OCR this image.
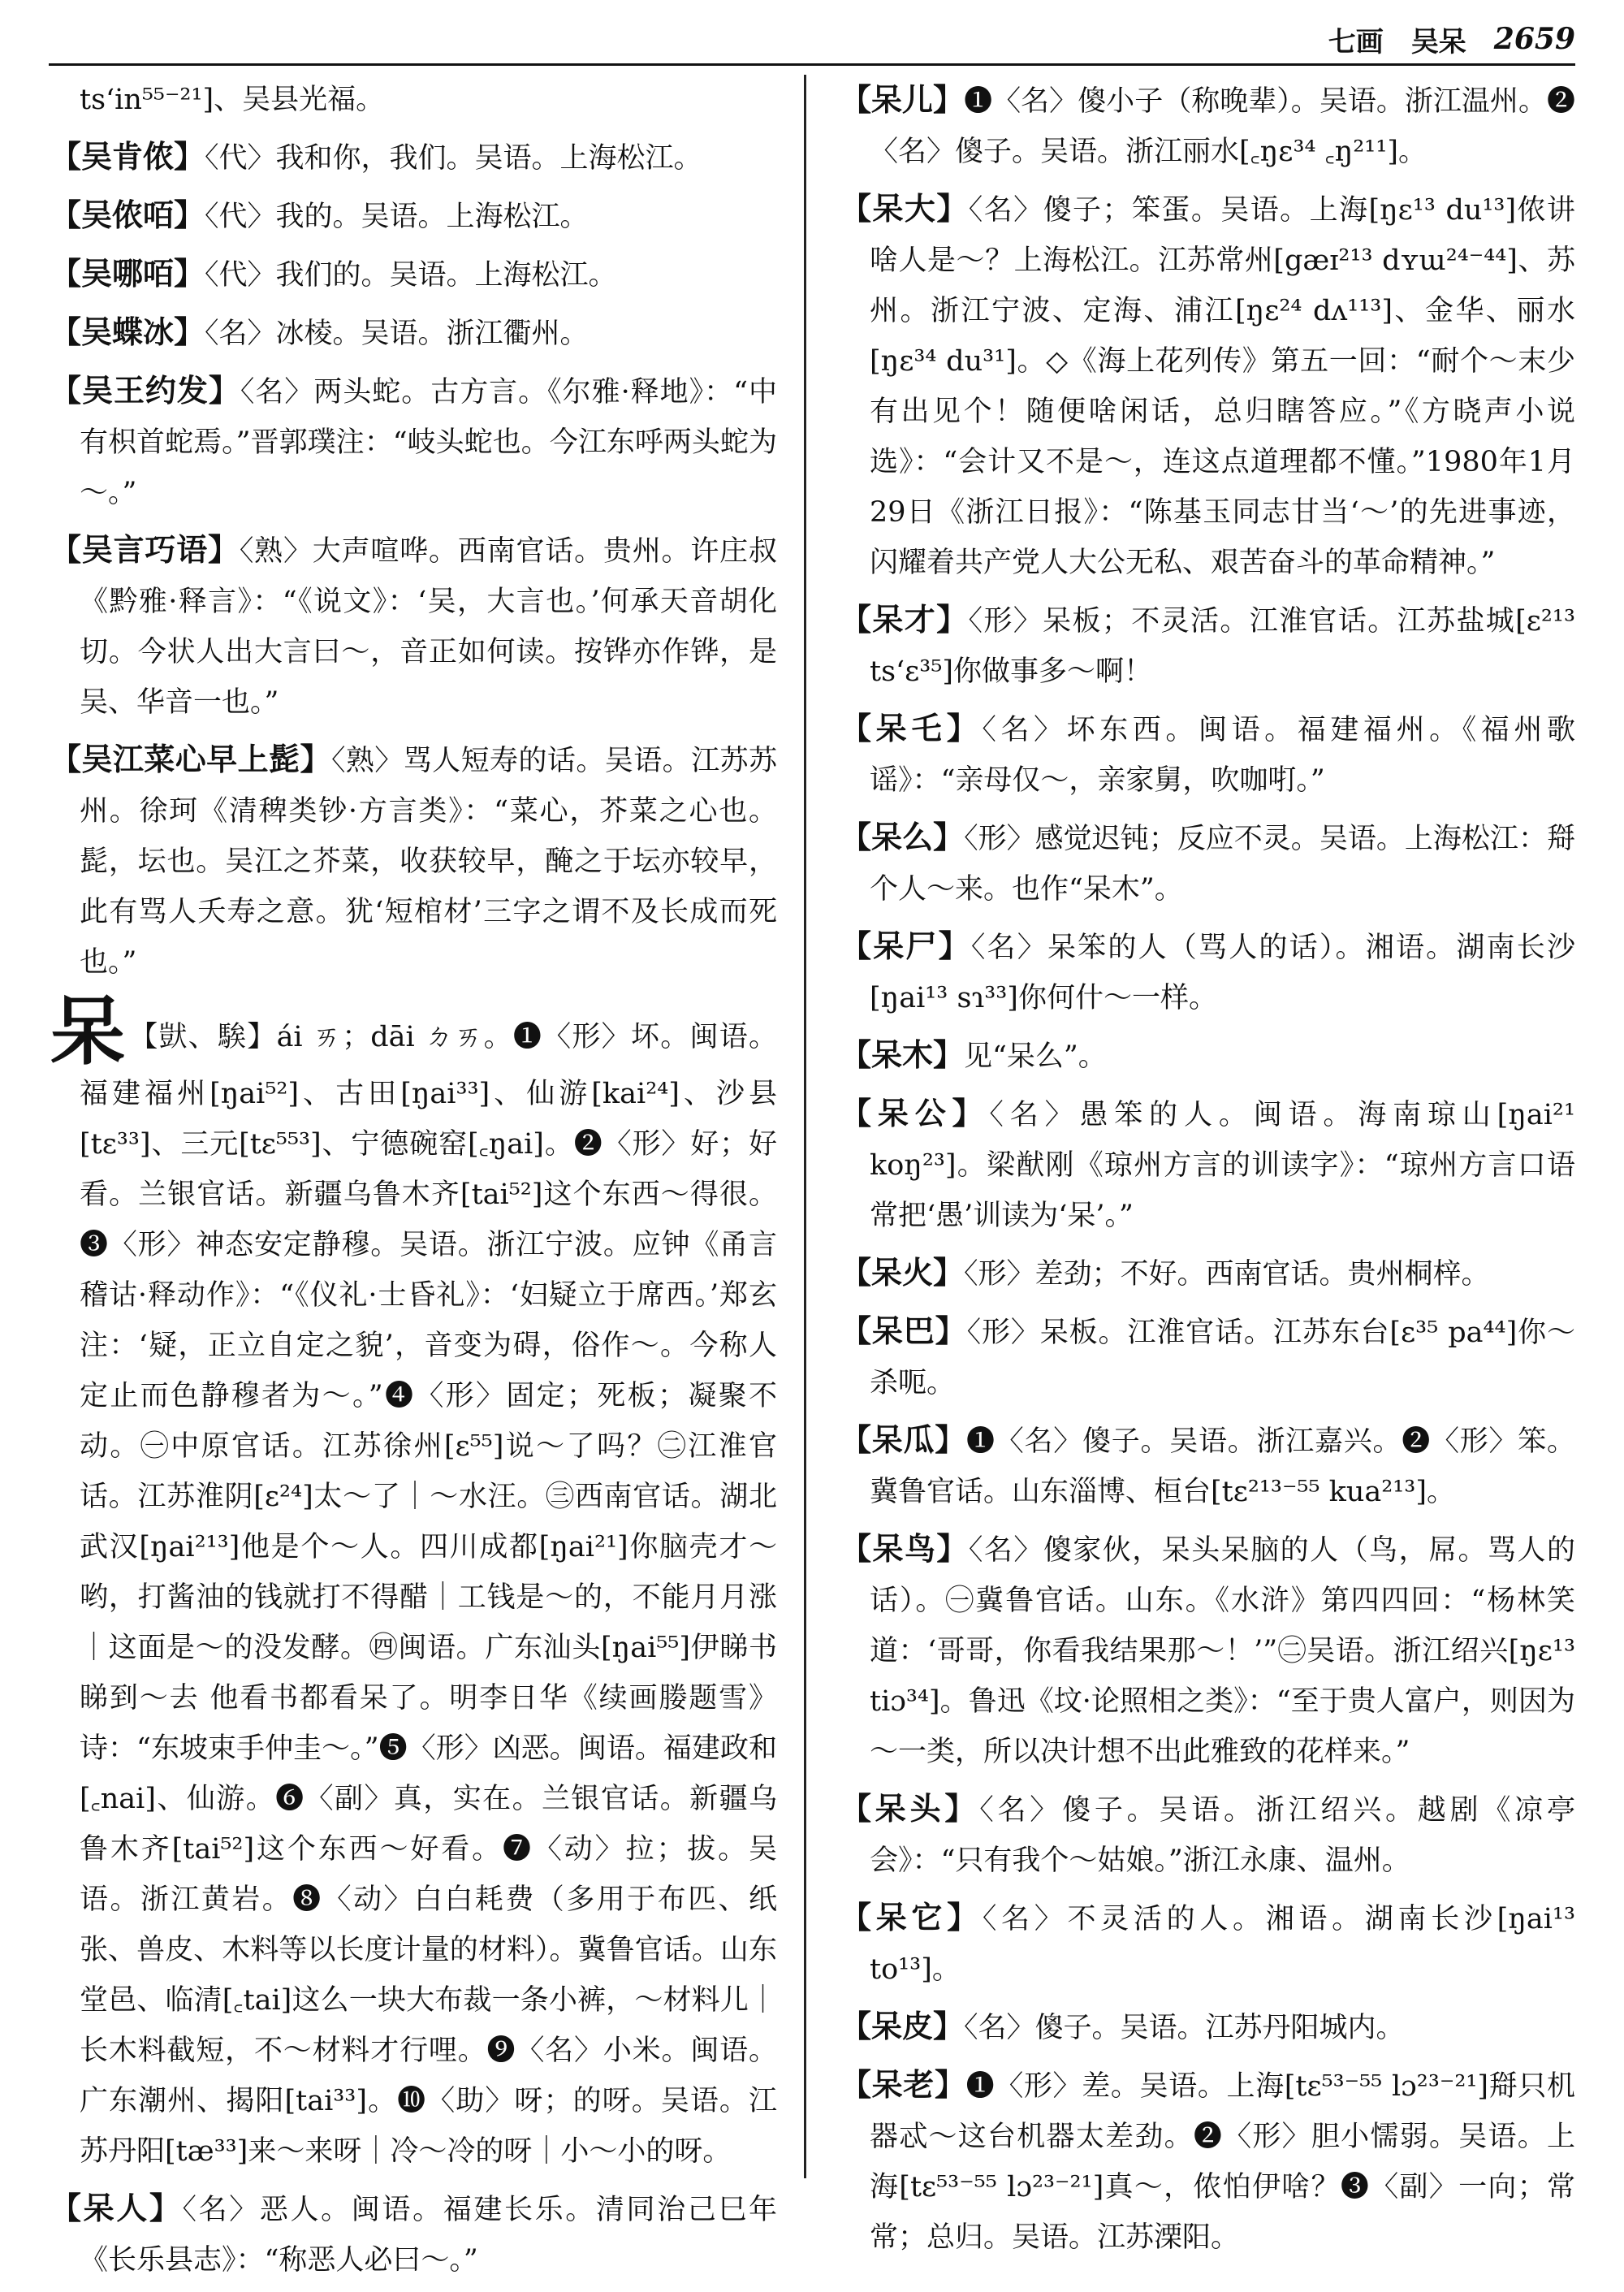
七画 吴呆 2659
ts‘in⁵⁵⁻²¹]、吴县光福。
【吴肯侬】〈代〉我和你，我们。吴语。上海松江。
【吴侬咟】〈代〉我的。吴语。上海松江。
【吴哪咟】〈代〉我们的。吴语。上海松江。
【吴蝶冰】〈名〉冰棱。吴语。浙江衢州。
【吴王约发】〈名〉两头蛇。古方言。《尔雅·释地》：“中有枳首蛇焉。”晋郭璞注：“岐头蛇也。今江东呼两头蛇为～。”
【吴言巧语】〈熟〉大声喧哗。西南官话。贵州。许庄叔《黔雅·释言》：“《说文》：‘吴，大言也。’何承天音胡化切。今状人出大言曰～，音正如何读。按铧亦作铧，是吴、华音一也。”
【吴江菜心早上髭】〈熟〉骂人短寿的话。吴语。江苏苏州。徐珂《清稗类钞·方言类》：“菜心，芥菜之心也。髭，坛也。吴江之芥菜，收获较早，醃之于坛亦较早，此有骂人夭寿之意。犹‘短棺材’三字之谓不及长成而死也。”
呆 【獃、騃】ái ㄞ；dāi ㄉㄞ。❶〈形〉坏。闽语。福建福州[ŋai⁵²]、古田[ŋai³³]、仙游[kai²⁴]、沙县[tɛ³³]、三元[tɛ⁵⁵³]、宁德碗窑[꜀ŋai]。❷〈形〉好；好看。兰银官话。新疆乌鲁木齐[tai⁵²]这个东西～得很。❸〈形〉神态安定静穆。吴语。浙江宁波。应钟《甬言稽诂·释动作》：“《仪礼·士昏礼》：‘妇疑立于席西。’郑玄注：‘疑，正立自定之貌’，音变为碍，俗作～。今称人定止而色静穆者为～。”❹〈形〉固定；死板；凝聚不动。㊀中原官话。江苏徐州[ɛ⁵⁵]说～了吗？㊁江淮官话。江苏淮阴[ɛ²⁴]太～了｜～水汪。㊂西南官话。湖北武汉[ŋai²¹³]他是个～人。四川成都[ŋai²¹]你脑壳才～哟，打酱油的钱就打不得醋｜工钱是～的，不能月月涨｜这面是～的没发酵。㊃闽语。广东汕头[ŋai⁵⁵]伊睇书睇到～去 他看书都看呆了。明李日华《续画媵题雪》诗：“东坡束手仲圭～。”❺〈形〉凶恶。闽语。福建政和[꜀nai]、仙游。❻〈副〉真，实在。兰银官话。新疆乌鲁木齐[tai⁵²]这个东西～好看。❼〈动〉拉；拔。吴语。浙江黄岩。❽〈动〉白白耗费（多用于布匹、纸张、兽皮、木料等以长度计量的材料）。冀鲁官话。山东堂邑、临清[꜀tai]这么一块大布裁一条小裤，～材料儿｜长木料截短，不～材料才行哩。❾〈名〉小米。闽语。广东潮州、揭阳[tai³³]。❿〈助〉呀；的呀。吴语。江苏丹阳[tæ³³]来～来呀｜冷～冷的呀｜小～小的呀。
【呆人】〈名〉恶人。闽语。福建长乐。清同治己巳年《长乐县志》：“称恶人必曰～。”
【呆儿】❶〈名〉傻小子（称晚辈）。吴语。浙江温州。❷〈名〉傻子。吴语。浙江丽水[꜀ŋɛ³⁴ ꜀ŋ²¹¹]。
【呆大】〈名〉傻子；笨蛋。吴语。上海[ŋɛ¹³ du¹³]侬讲啥人是～？上海松江。江苏常州[gæɪ²¹³ dʏɯ²⁴⁻⁴⁴]、苏州。浙江宁波、定海、浦江[ŋɛ²⁴ dʌ¹¹³]、金华、丽水[ŋɛ³⁴ du³¹]。◇《海上花列传》第五一回：“耐个～末少有出见个！随便啥闲话，总归瞎答应。”《方晓声小说选》：“会计又不是～，连这点道理都不懂。”1980年1月29日《浙江日报》：“陈基玉同志甘当‘～’的先进事迹，闪耀着共产党人大公无私、艰苦奋斗的革命精神。”
【呆才】〈形〉呆板；不灵活。江淮官话。江苏盐城[ɛ²¹³ ts‘ɛ³⁵]你做事多～啊！
【呆乇】〈名〉坏东西。闽语。福建福州。《福州歌谣》：“亲母仅～，亲家舅，吹咖咑。”
【呆么】〈形〉感觉迟钝；反应不灵。吴语。上海松江：搿个人～来。也作“呆木”。
【呆尸】〈名〉呆笨的人（骂人的话）。湘语。湖南长沙[ŋai¹³ sɿ³³]你何什～一样。
【呆木】见“呆么”。
【呆公】〈名〉愚笨的人。闽语。海南琼山[ŋai²¹ koŋ²³]。梁猷刚《琼州方言的训读字》：“琼州方言口语常把‘愚’训读为‘呆’。”
【呆火】〈形〉差劲；不好。西南官话。贵州桐梓。
【呆巴】〈形〉呆板。江淮官话。江苏东台[ɛ³⁵ pa⁴⁴]你～杀呃。
【呆瓜】❶〈名〉傻子。吴语。浙江嘉兴。❷〈形〉笨。冀鲁官话。山东淄博、桓台[tɛ²¹³⁻⁵⁵ kua²¹³]。
【呆鸟】〈名〉傻家伙，呆头呆脑的人（鸟，屌。骂人的话）。㊀冀鲁官话。山东。《水浒》第四四回：“杨林笑道：‘哥哥，你看我结果那～！’”㊁吴语。浙江绍兴[ŋɛ¹³ tiɔ³⁴]。鲁迅《坟·论照相之类》：“至于贵人富户，则因为～一类，所以决计想不出此雅致的花样来。”
【呆头】〈名〉傻子。吴语。浙江绍兴。越剧《凉亭会》：“只有我个～姑娘。”浙江永康、温州。
【呆它】〈名〉不灵活的人。湘语。湖南长沙[ŋai¹³ to¹³]。
【呆皮】〈名〉傻子。吴语。江苏丹阳城内。
【呆老】❶〈形〉差。吴语。上海[tɛ⁵³⁻⁵⁵ lɔ²³⁻²¹]搿只机器忒～这台机器太差劲。❷〈形〉胆小懦弱。吴语。上海[tɛ⁵³⁻⁵⁵ lɔ²³⁻²¹]真～，侬怕伊啥？❸〈副〉一向；常常；总归。吴语。江苏溧阳。
